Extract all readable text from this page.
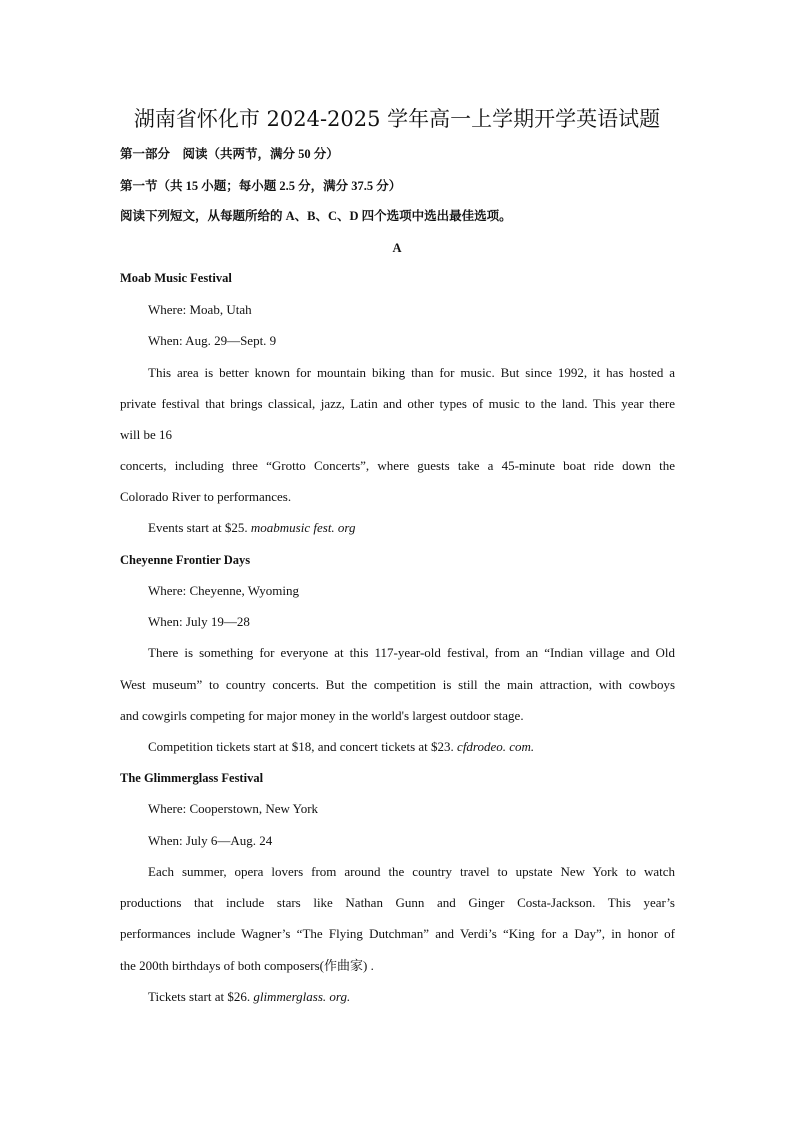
湖南省怀化市 2024-2025 学年高一上学期开学英语试题
第一部分　阅读（共两节，满分 50 分）
第一节（共 15 小题；每小题 2.5 分，满分 37.5 分）
阅读下列短文，从每题所给的 A、B、C、D 四个选项中选出最佳选项。
A
Moab Music Festival
Where: Moab, Utah
When: Aug. 29—Sept. 9
This area is better known for mountain biking than for music. But since 1992, it has hosted a
private festival that brings classical, jazz, Latin and other types of music to the land. This year there
will be 16
concerts, including three “Grotto Concerts”, where guests take a 45-minute boat ride down the
Colorado River to performances.
Events start at $25. moabmusic fest. org
Cheyenne Frontier Days
Where: Cheyenne, Wyoming
When: July 19—28
There is something for everyone at this 117-year-old festival, from an “Indian village and Old
West museum” to country concerts. But the competition is still the main attraction, with cowboys
and cowgirls competing for major money in the world's largest outdoor stage.
Competition tickets start at $18, and concert tickets at $23. cfdrodeo. com.
The Glimmerglass Festival
Where: Cooperstown, New York
When: July 6—Aug. 24
Each summer, opera lovers from around the country travel to upstate New York to watch
productions that include stars like Nathan Gunn and Ginger Costa-Jackson. This year’s
performances include Wagner’s “The Flying Dutchman” and Verdi’s “King for a Day”, in honor of
the 200th birthdays of both composers(作曲家) .
Tickets start at $26. glimmerglass. org.
